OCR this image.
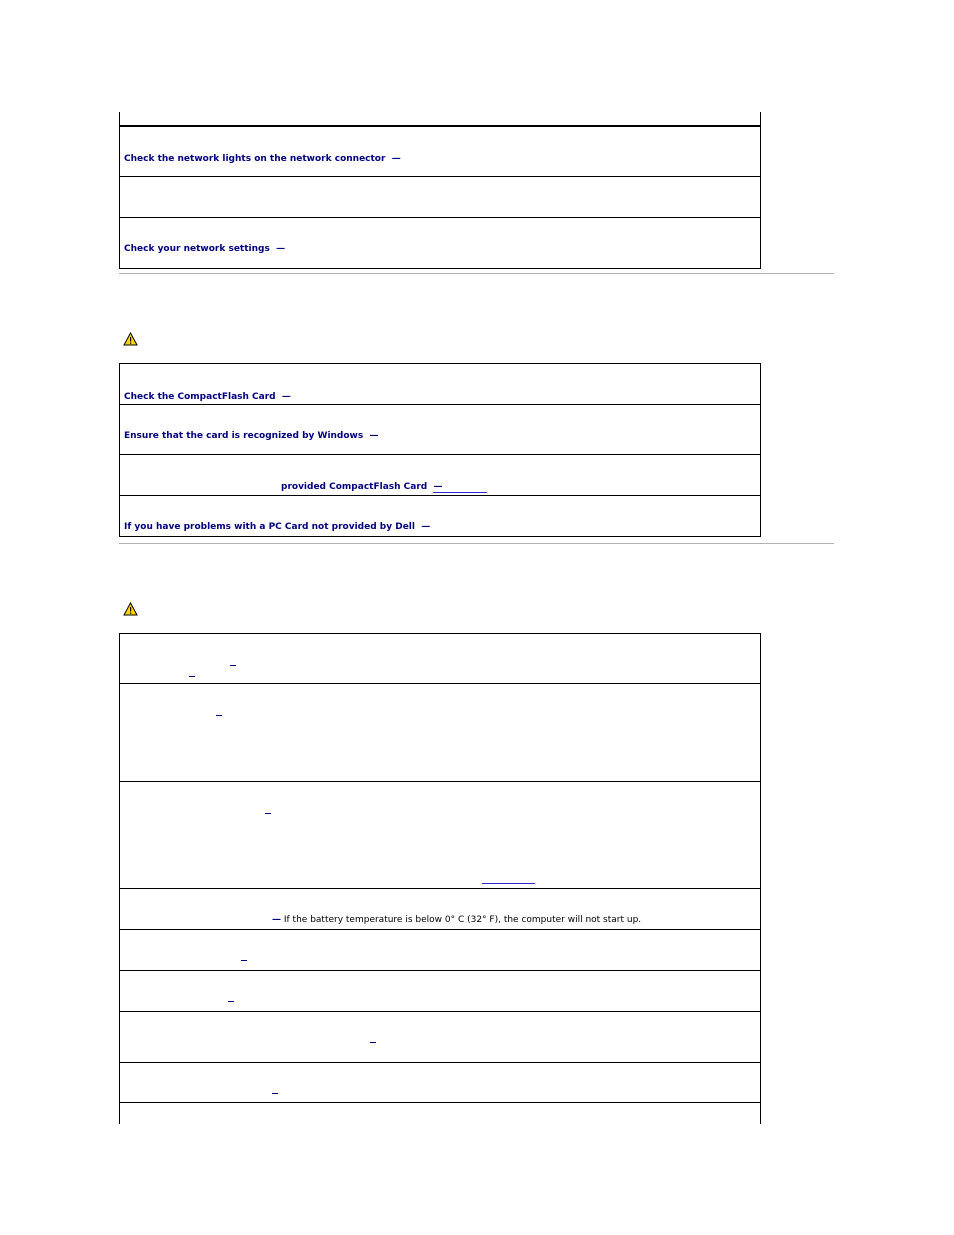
Check the network lights on the network connector —
Check your network settings —
Check the CompactFlash Card —
Ensure that the card is recognized by Windows —
provided CompactFlash Card —
If you have problems with a PC Card not provided by Dell —
— If the battery temperature is below 0° C (32° F), the computer will not start up.
